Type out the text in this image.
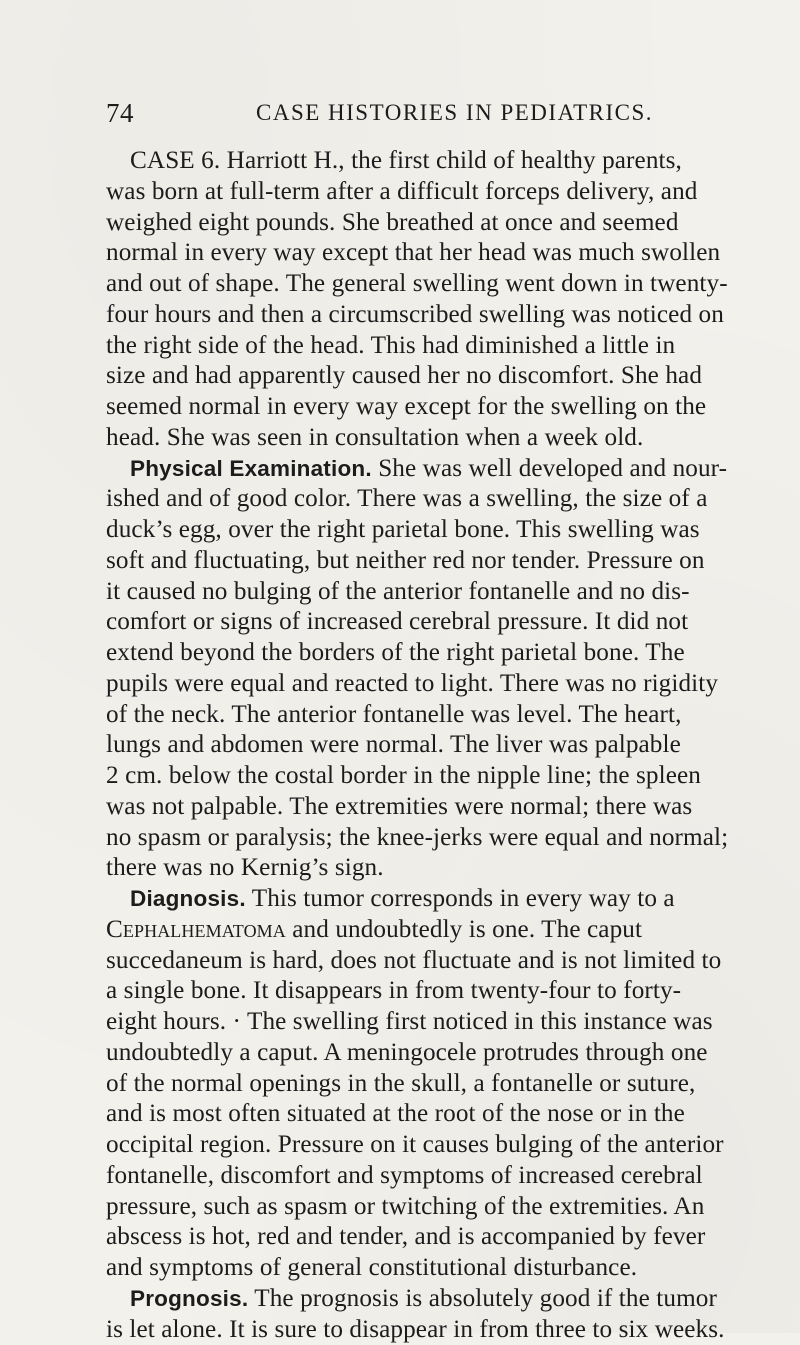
74	CASE HISTORIES IN PEDIATRICS.
CASE 6. Harriott H., the first child of healthy parents,
was born at full-term after a difficult forceps delivery, and
weighed eight pounds. She breathed at once and seemed
normal in every way except that her head was much swollen
and out of shape. The general swelling went down in twenty-
four hours and then a circumscribed swelling was noticed on
the right side of the head. This had diminished a little in
size and had apparently caused her no discomfort. She had
seemed normal in every way except for the swelling on the
head. She was seen in consultation when a week old.
Physical Examination. She was well developed and nour-
ished and of good color. There was a swelling, the size of a
duck’s egg, over the right parietal bone. This swelling was
soft and fluctuating, but neither red nor tender. Pressure on
it caused no bulging of the anterior fontanelle and no dis-
comfort or signs of increased cerebral pressure. It did not
extend beyond the borders of the right parietal bone. The
pupils were equal and reacted to light. There was no rigidity
of the neck. The anterior fontanelle was level. The heart,
lungs and abdomen were normal. The liver was palpable
2 cm. below the costal border in the nipple line; the spleen
was not palpable. The extremities were normal; there was
no spasm or paralysis; the knee-jerks were equal and normal;
there was no Kernig’s sign.
Diagnosis. This tumor corresponds in every way to a
Cephalhematoma and undoubtedly is one. The caput
succedaneum is hard, does not fluctuate and is not limited to
a single bone. It disappears in from twenty-four to forty-
eight hours. · The swelling first noticed in this instance was
undoubtedly a caput. A meningocele protrudes through one
of the normal openings in the skull, a fontanelle or suture,
and is most often situated at the root of the nose or in the
occipital region. Pressure on it causes bulging of the anterior
fontanelle, discomfort and symptoms of increased cerebral
pressure, such as spasm or twitching of the extremities. An
abscess is hot, red and tender, and is accompanied by fever
and symptoms of general constitutional disturbance.
Prognosis. The prognosis is absolutely good if the tumor
is let alone. It is sure to disappear in from three to six weeks.
